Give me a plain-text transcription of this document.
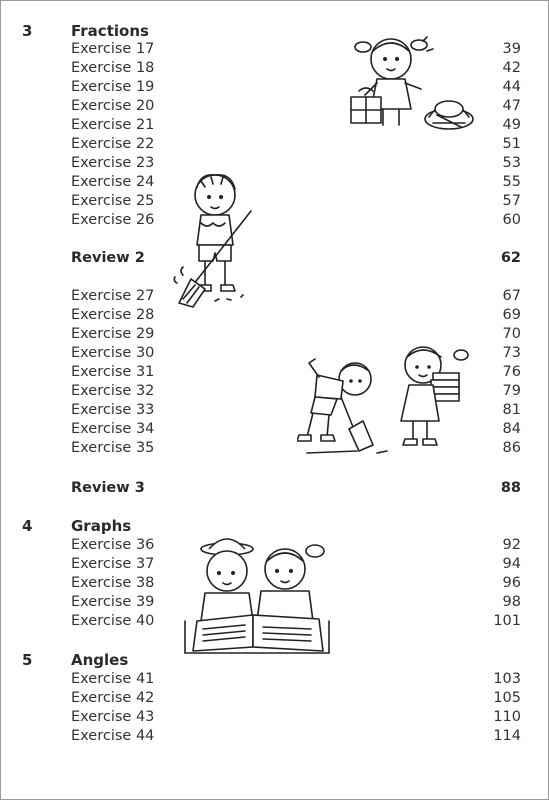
3	Fractions
Exercise 17	39
Exercise 18	42
Exercise 19	44
Exercise 20	47
Exercise 21	49
Exercise 22	51
Exercise 23	53
Exercise 24	55
Exercise 25	57
Exercise 26	60
Review 2	62
Exercise 27	67
Exercise 28	69
Exercise 29	70
Exercise 30	73
Exercise 31	76
Exercise 32	79
Exercise 33	81
Exercise 34	84
Exercise 35	86
Review 3	88
4	Graphs
Exercise 36	92
Exercise 37	94
Exercise 38	96
Exercise 39	98
Exercise 40	101
5	Angles
Exercise 41	103
Exercise 42	105
Exercise 43	110
Exercise 44	114
